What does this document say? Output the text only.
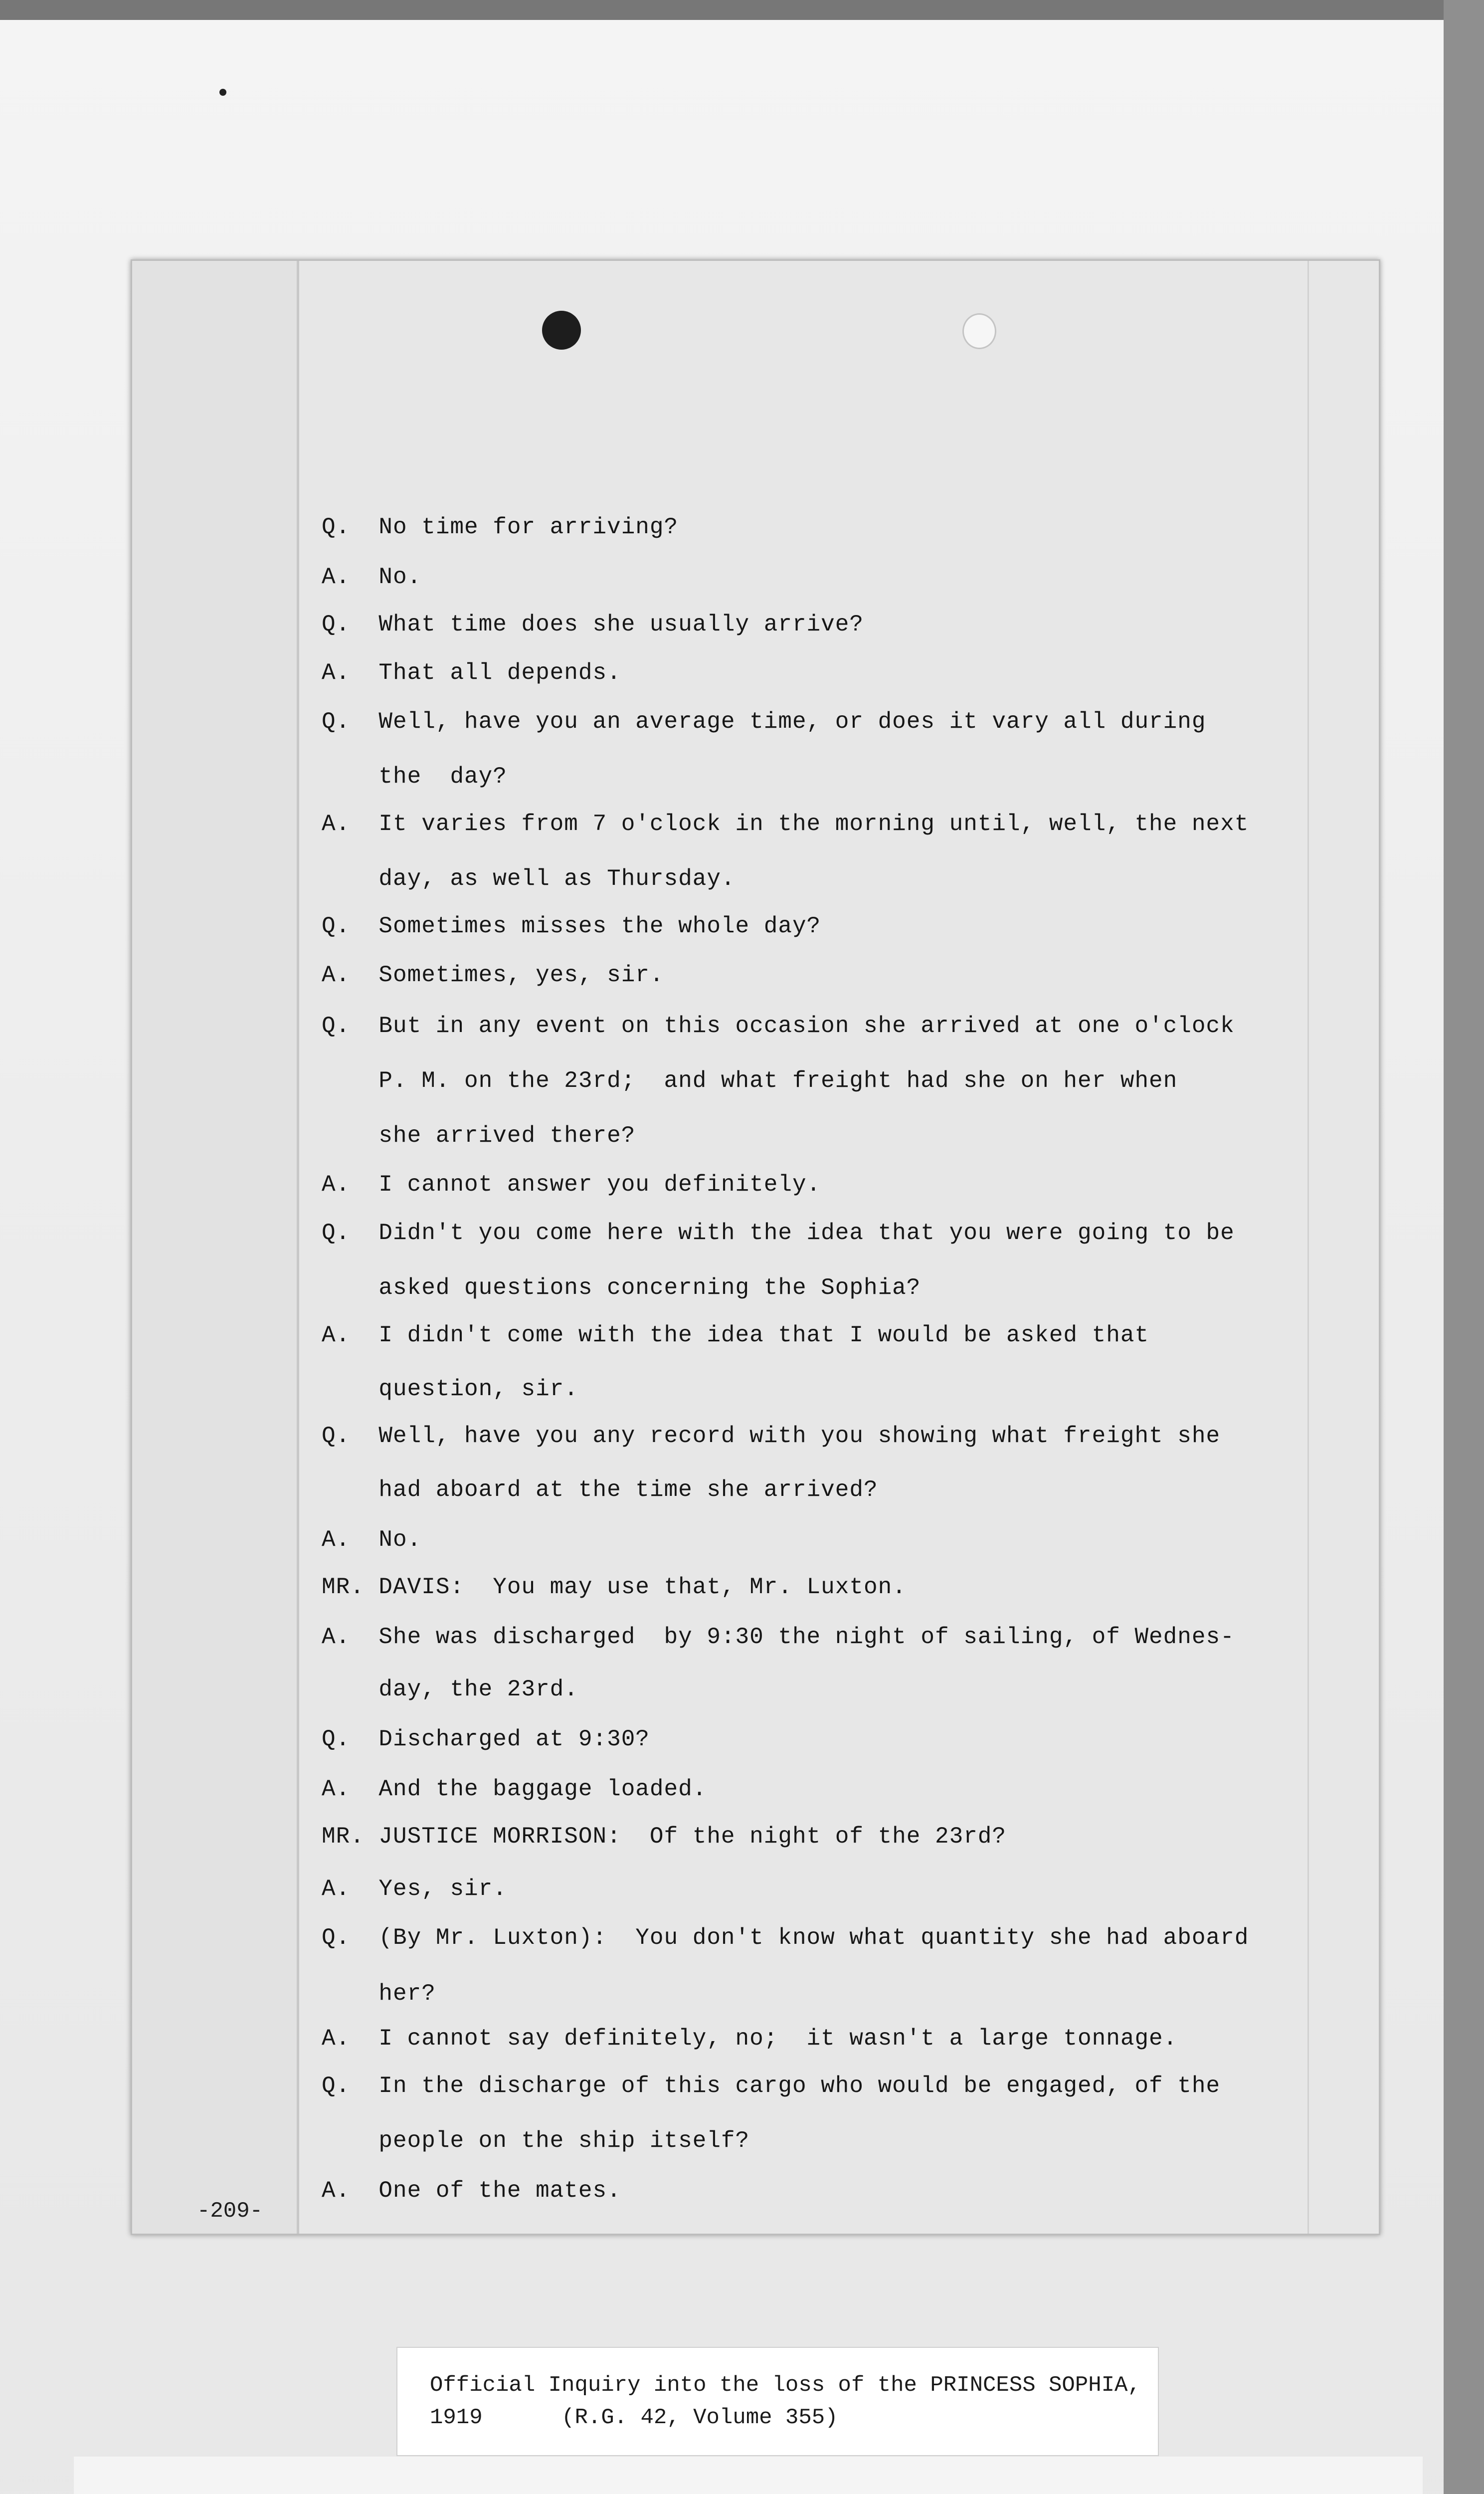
Q.  No time for arriving?
A.  No.
Q.  What time does she usually arrive?
A.  That all depends.
Q.  Well, have you an average time, or does it vary all during
the  day?
A.  It varies from 7 o'clock in the morning until, well, the next
day, as well as Thursday.
Q.  Sometimes misses the whole day?
A.  Sometimes, yes, sir.
Q.  But in any event on this occasion she arrived at one o'clock
P. M. on the 23rd;  and what freight had she on her when
she arrived there?
A.  I cannot answer you definitely.
Q.  Didn't you come here with the idea that you were going to be
asked questions concerning the Sophia?
A.  I didn't come with the idea that I would be asked that
question, sir.
Q.  Well, have you any record with you showing what freight she
had aboard at the time she arrived?
A.  No.
MR. DAVIS:  You may use that, Mr. Luxton.
A.  She was discharged  by 9:30 the night of sailing, of Wednes-
day, the 23rd.
Q.  Discharged at 9:30?
A.  And the baggage loaded.
MR. JUSTICE MORRISON:  Of the night of the 23rd?
A.  Yes, sir.
Q.  (By Mr. Luxton):  You don't know what quantity she had aboard
her?
A.  I cannot say definitely, no;  it wasn't a large tonnage.
Q.  In the discharge of this cargo who would be engaged, of the
people on the ship itself?
A.  One of the mates.
-209-
Official Inquiry into the loss of the PRINCESS SOPHIA,
1919      (R.G. 42, Volume 355)
